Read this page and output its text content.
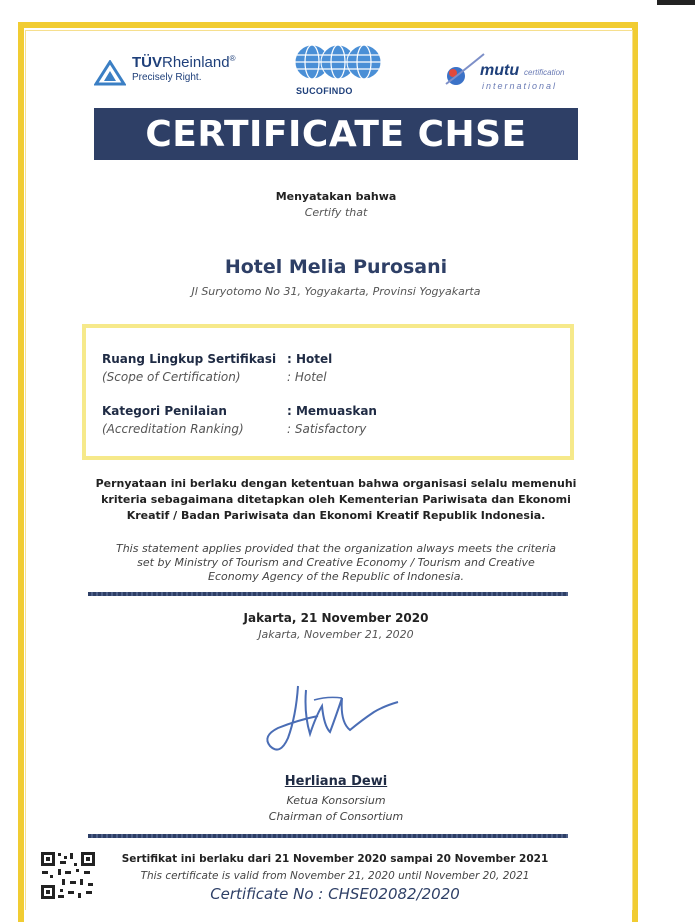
TÜVRheinland®
Precisely Right.
SUCOFINDO
mutu certification
international
CERTIFICATE CHSE
Menyatakan bahwa
Certify that
Hotel Melia Purosani
Jl Suryotomo No 31, Yogyakarta, Provinsi Yogyakarta
Ruang Lingkup Sertifikasi : Hotel
(Scope of Certification)	: Hotel
Kategori Penilaian	: Memuaskan
(Accreditation Ranking)	: Satisfactory
Pernyataan ini berlaku dengan ketentuan bahwa organisasi selalu memenuhi
kriteria sebagaimana ditetapkan oleh Kementerian Pariwisata dan Ekonomi
Kreatif / Badan Pariwisata dan Ekonomi Kreatif Republik Indonesia.
This statement applies provided that the organization always meets the criteria
set by Ministry of Tourism and Creative Economy / Tourism and Creative
Economy Agency of the Republic of Indonesia.
Jakarta, 21 November 2020
Jakarta, November 21, 2020
Herliana Dewi
Ketua Konsorsium
Chairman of Consortium
Sertifikat ini berlaku dari 21 November 2020 sampai 20 November 2021
This certificate is valid from November 21, 2020 until November 20, 2021
Certificate No : CHSE02082/2020
